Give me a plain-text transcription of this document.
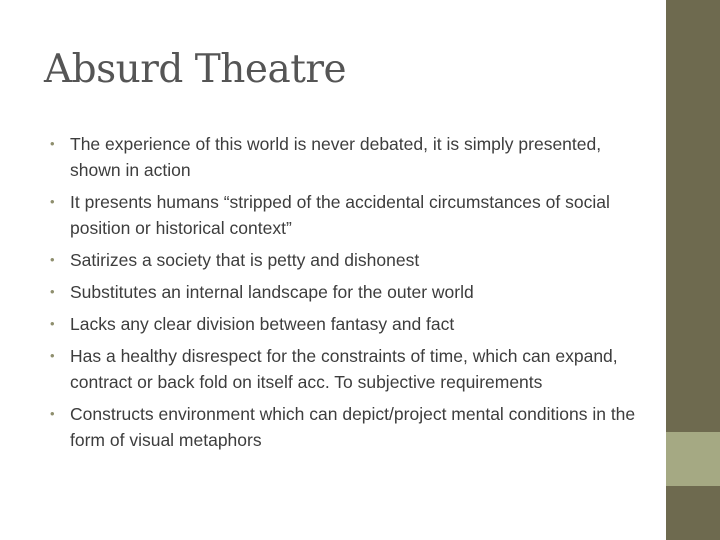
Absurd Theatre
• The experience of this world is never debated, it is simply presented, shown in action
• It presents humans “stripped of the accidental circumstances of social position or historical context”
• Satirizes a society that is petty and dishonest
• Substitutes an internal landscape for the outer world
• Lacks any clear division between fantasy and fact
• Has a healthy disrespect for the constraints of time, which can expand, contract or back fold on itself acc. To subjective requirements
• Constructs environment which can depict/project mental conditions in the form of visual metaphors
